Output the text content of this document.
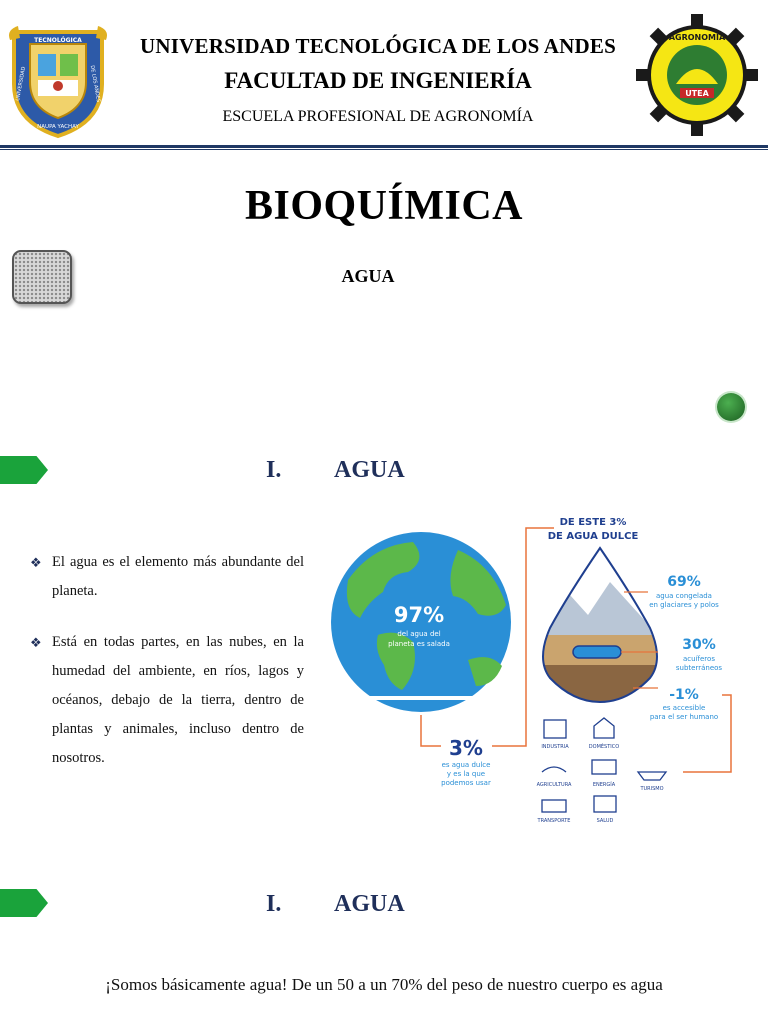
TECNOLÓGICA
NAUPA YACHAY
UNIVERSIDAD	DE LOS ANDES
UNIVERSIDAD TECNOLÓGICA DE LOS ANDES
FACULTAD DE INGENIERÍA
ESCUELA PROFESIONAL DE AGRONOMÍA
UTEA
AGRONOMÍA
BIOQUÍMICA
AGUA
I. AGUA
❖ El agua es el elemento más abundante del planeta.
❖ Está en todas partes, en las nubes, en la humedad del ambiente, en ríos, lagos y océanos, debajo de la tierra, dentro de plantas y animales, incluso dentro de nosotros.
97%
del agua del
planeta es salada
3%
es agua dulce
y es la que
podemos usar
DE ESTE 3%
DE AGUA DULCE
69%
agua congelada
en glaciares y polos
30%
acuíferos
subterráneos
-1%
es accesible
para el ser humano
INDUSTRIA	DOMÉSTICO
AGRICULTURA	ENERGÍA
TURISMO
TRANSPORTE	SALUD
I. AGUA
¡Somos básicamente agua! De un 50 a un 70% del peso de nuestro cuerpo es agua
